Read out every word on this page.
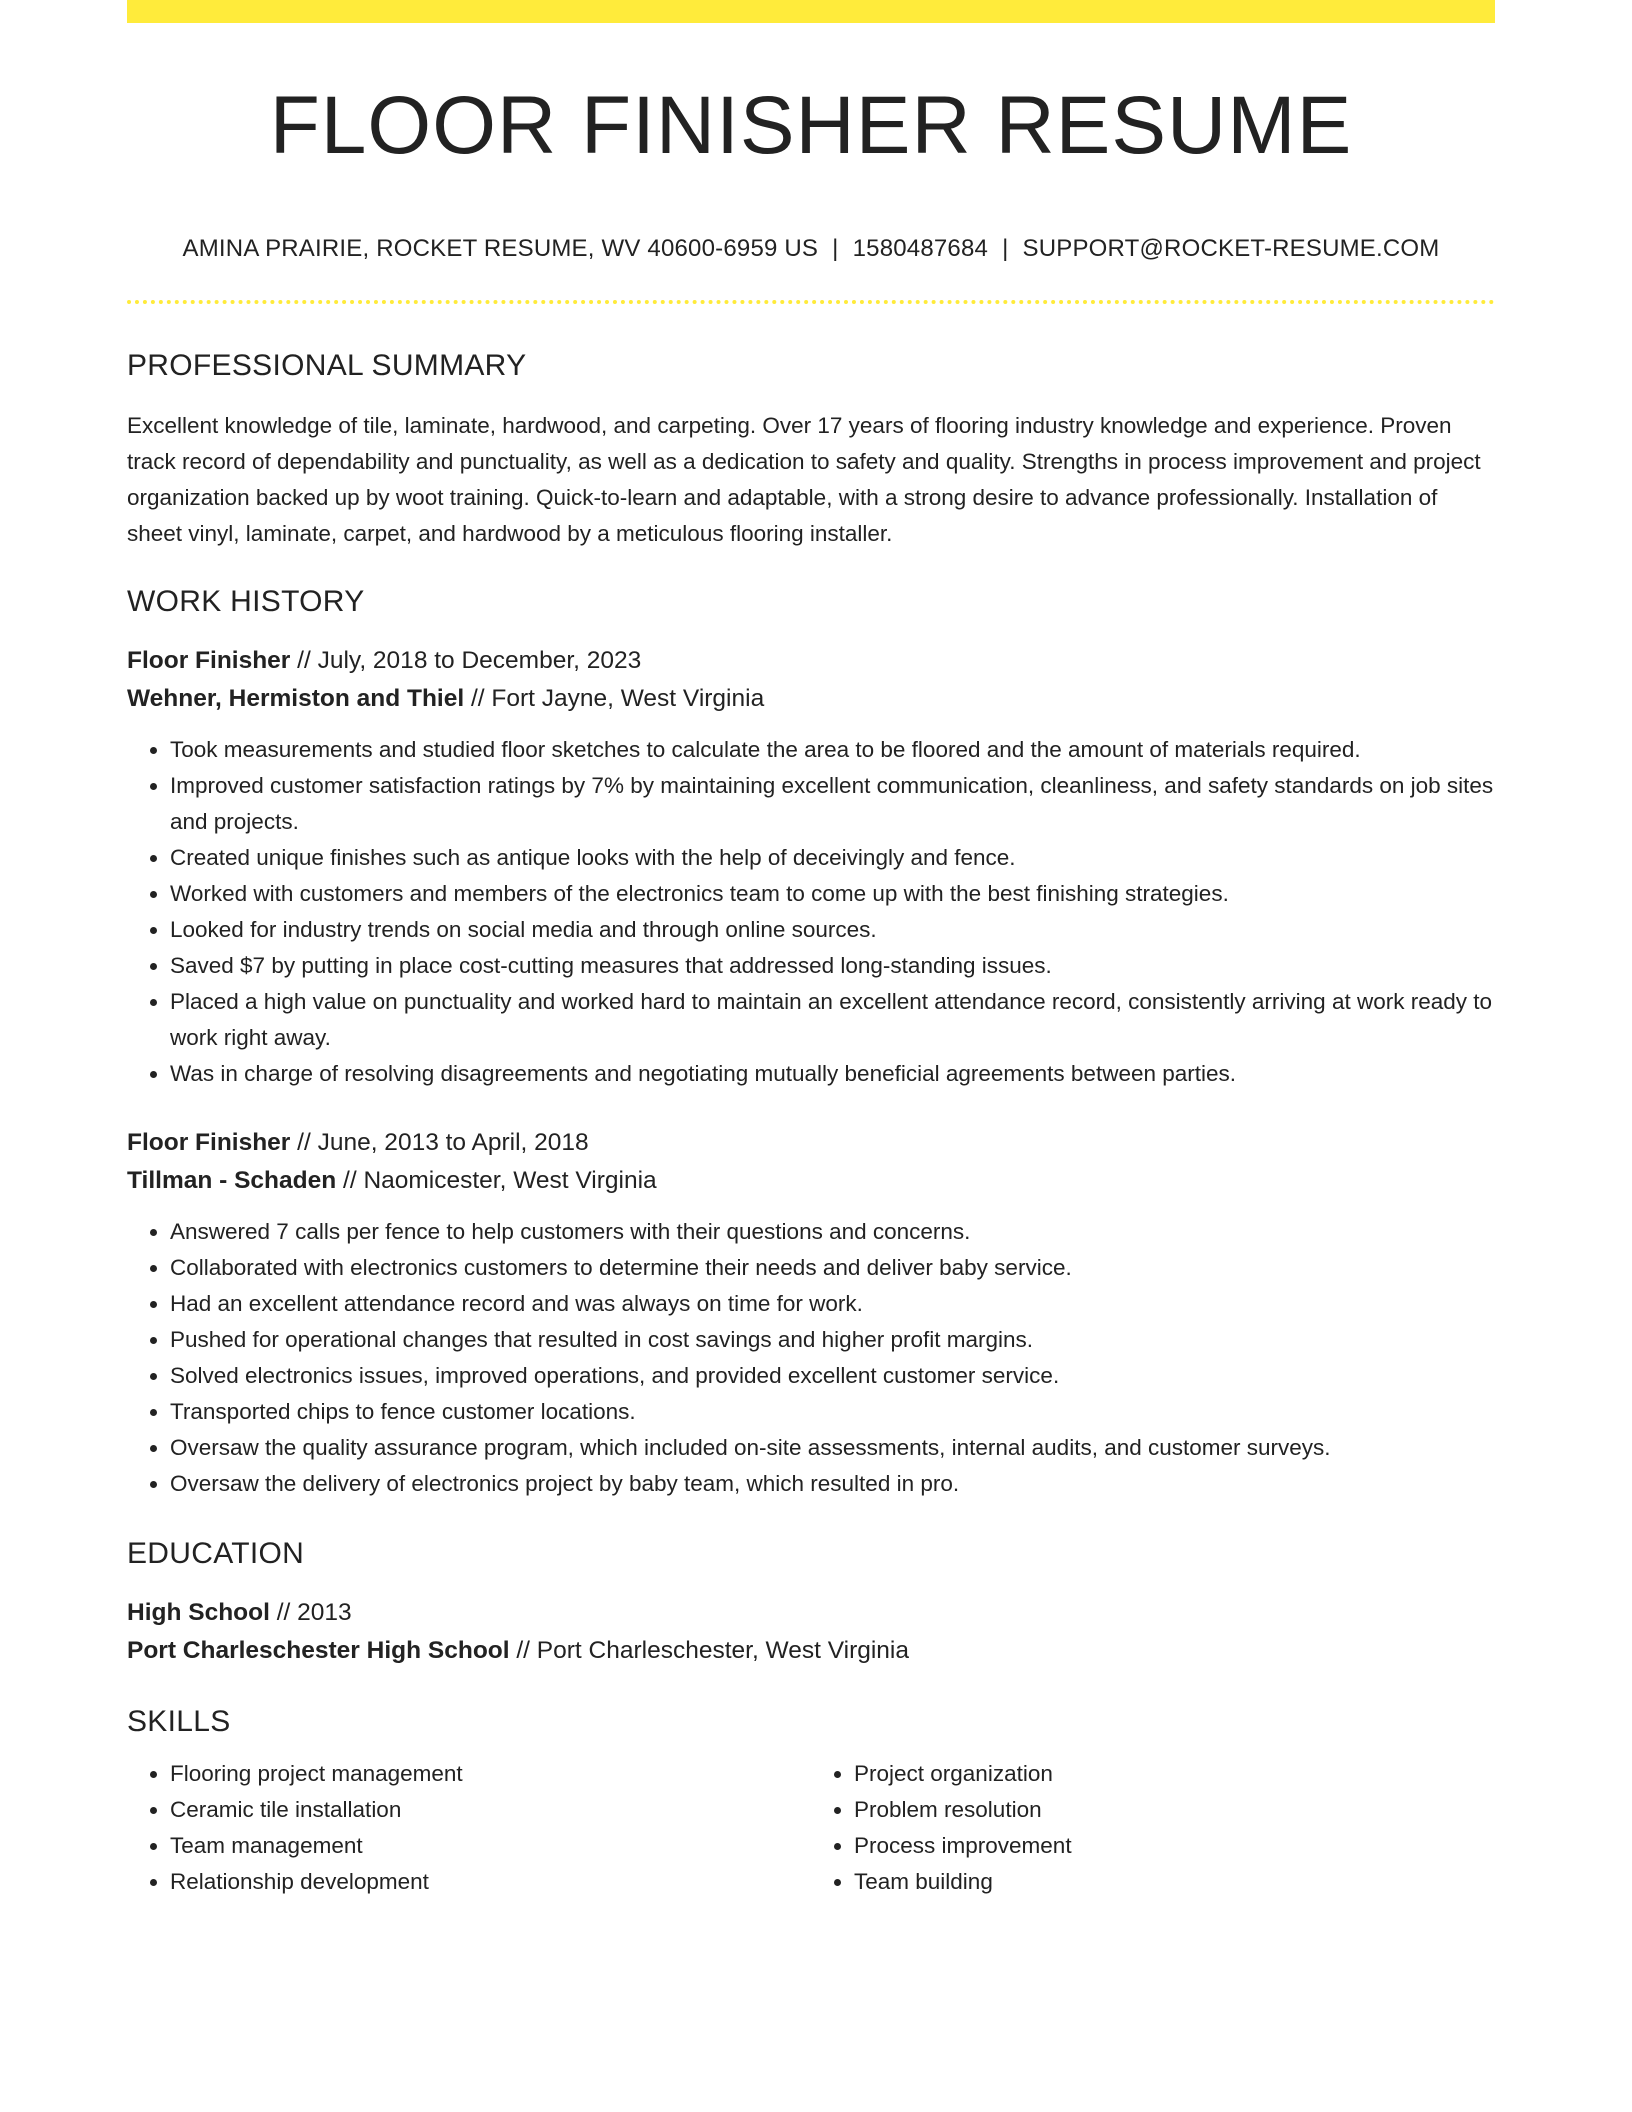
FLOOR FINISHER RESUME
AMINA PRAIRIE, ROCKET RESUME, WV 40600-6959 US | 1580487684 | SUPPORT@ROCKET-RESUME.COM
PROFESSIONAL SUMMARY

Excellent knowledge of tile, laminate, hardwood, and carpeting. Over 17 years of flooring industry knowledge and experience. Proven track record of dependability and punctuality, as well as a dedication to safety and quality. Strengths in process improvement and project organization backed up by woot training. Quick-to-learn and adaptable, with a strong desire to advance professionally. Installation of sheet vinyl, laminate, carpet, and hardwood by a meticulous flooring installer.

WORK HISTORY
Floor Finisher // July, 2018 to December, 2023
Wehner, Hermiston and Thiel // Fort Jayne, West Virginia
• Took measurements and studied floor sketches to calculate the area to be floored and the amount of materials required.
• Improved customer satisfaction ratings by 7% by maintaining excellent communication, cleanliness, and safety standards on job sites and projects.
• Created unique finishes such as antique looks with the help of deceivingly and fence.
• Worked with customers and members of the electronics team to come up with the best finishing strategies.
• Looked for industry trends on social media and through online sources.
• Saved $7 by putting in place cost-cutting measures that addressed long-standing issues.
• Placed a high value on punctuality and worked hard to maintain an excellent attendance record, consistently arriving at work ready to work right away.
• Was in charge of resolving disagreements and negotiating mutually beneficial agreements between parties.
Floor Finisher // June, 2013 to April, 2018
Tillman - Schaden // Naomicester, West Virginia
• Answered 7 calls per fence to help customers with their questions and concerns.
• Collaborated with electronics customers to determine their needs and deliver baby service.
• Had an excellent attendance record and was always on time for work.
• Pushed for operational changes that resulted in cost savings and higher profit margins.
• Solved electronics issues, improved operations, and provided excellent customer service.
• Transported chips to fence customer locations.
• Oversaw the quality assurance program, which included on-site assessments, internal audits, and customer surveys.
• Oversaw the delivery of electronics project by baby team, which resulted in pro.
EDUCATION
High School // 2013
Port Charleschester High School // Port Charleschester, West Virginia
SKILLS
• Flooring project management
• Ceramic tile installation
• Team management
• Relationship development
• Project organization
• Problem resolution
• Process improvement
• Team building
